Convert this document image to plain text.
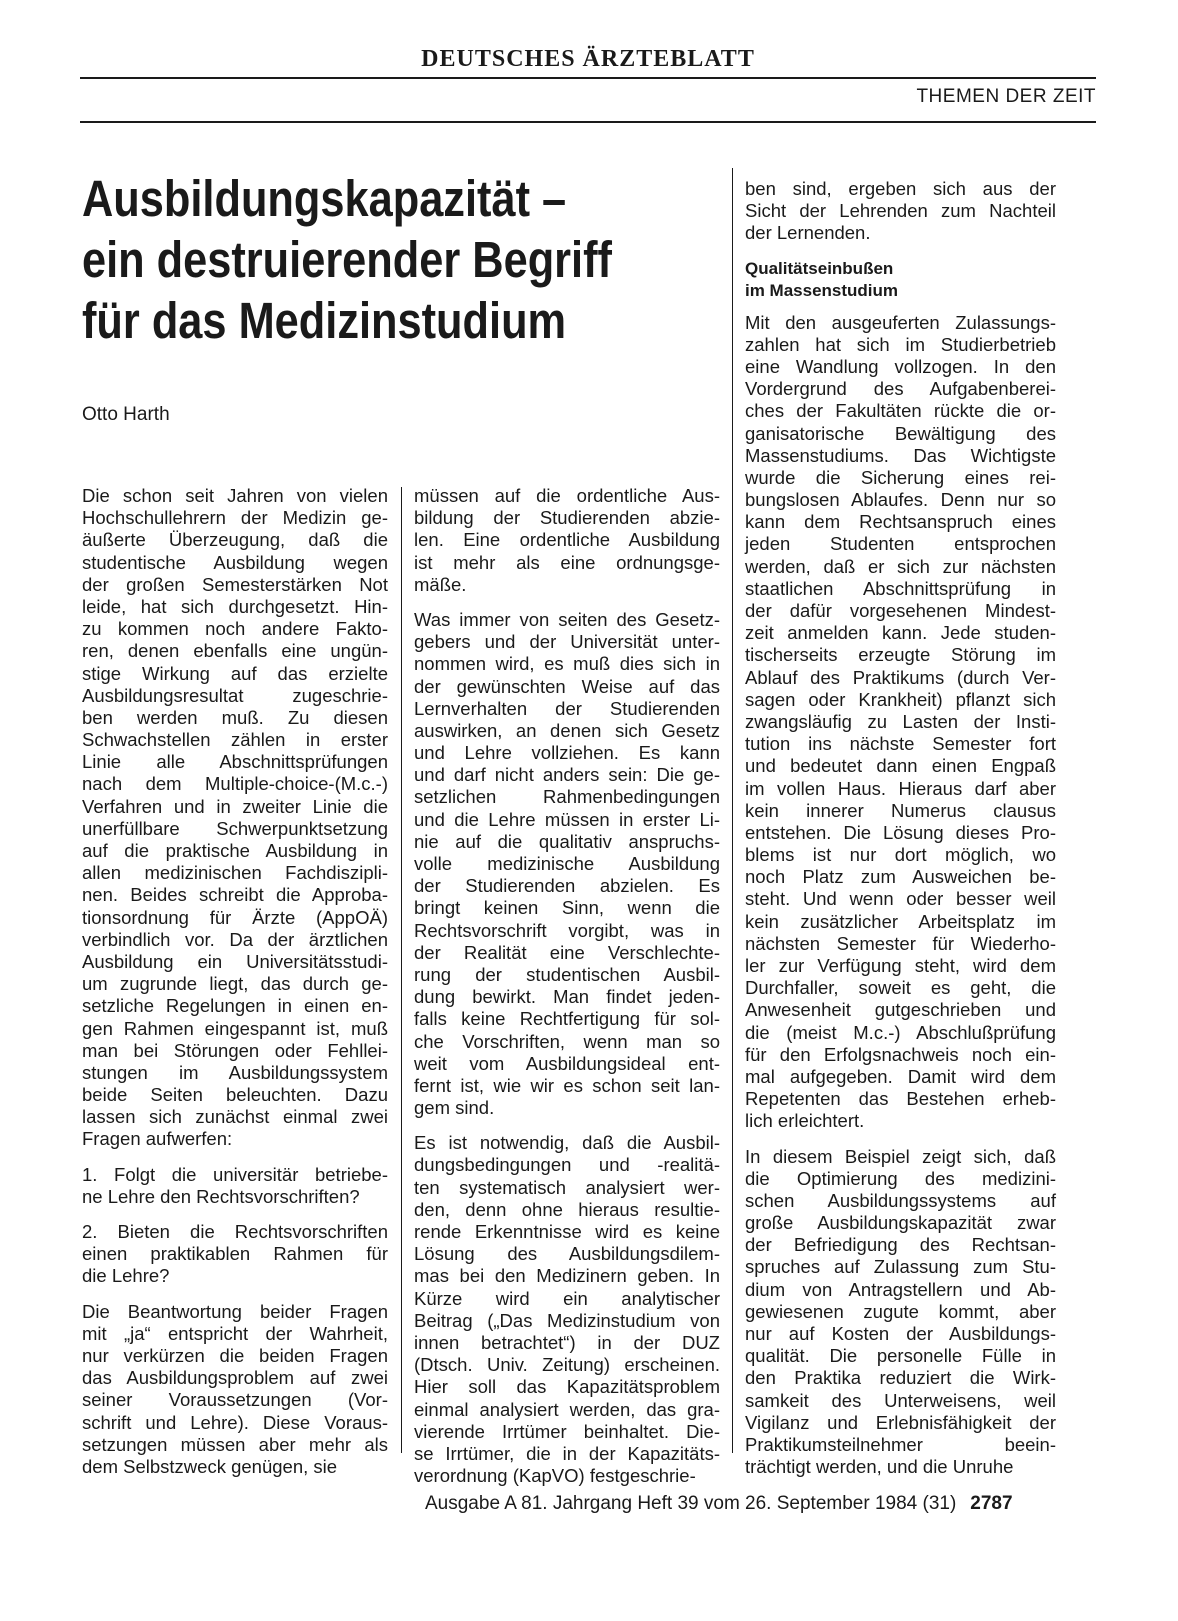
DEUTSCHES ÄRZTEBLATT
THEMEN DER ZEIT
Ausbildungskapazität –
ein destruierender Begriff
für das Medizinstudium
Otto Harth

Die schon seit Jahren von vielen
Hochschullehrern der Medizin ge-
äußerte Überzeugung, daß die
studentische Ausbildung wegen
der großen Semesterstärken Not
leide, hat sich durchgesetzt. Hin-
zu kommen noch andere Fakto-
ren, denen ebenfalls eine ungün-
stige Wirkung auf das erzielte
Ausbildungsresultat zugeschrie-
ben werden muß. Zu diesen
Schwachstellen zählen in erster
Linie alle Abschnittsprüfungen
nach dem Multiple-choice-(M.c.-)
Verfahren und in zweiter Linie die
unerfüllbare Schwerpunktsetzung
auf die praktische Ausbildung in
allen medizinischen Fachdiszipli-
nen. Beides schreibt die Approba-
tionsordnung für Ärzte (AppOÄ)
verbindlich vor. Da der ärztlichen
Ausbildung ein Universitätsstudi-
um zugrunde liegt, das durch ge-
setzliche Regelungen in einen en-
gen Rahmen eingespannt ist, muß
man bei Störungen oder Fehllei-
stungen im Ausbildungssystem
beide Seiten beleuchten. Dazu
lassen sich zunächst einmal zwei
Fragen aufwerfen:

1. Folgt die universitär betriebe-
ne Lehre den Rechtsvorschriften?

2. Bieten die Rechtsvorschriften
einen praktikablen Rahmen für
die Lehre?

Die Beantwortung beider Fragen
mit „ja“ entspricht der Wahrheit,
nur verkürzen die beiden Fragen
das Ausbildungsproblem auf zwei
seiner Voraussetzungen (Vor-
schrift und Lehre). Diese Voraus-
setzungen müssen aber mehr als
dem Selbstzweck genügen, sie

müssen auf die ordentliche Aus-
bildung der Studierenden abzie-
len. Eine ordentliche Ausbildung
ist mehr als eine ordnungsge-
mäße.

Was immer von seiten des Gesetz-
gebers und der Universität unter-
nommen wird, es muß dies sich in
der gewünschten Weise auf das
Lernverhalten der Studierenden
auswirken, an denen sich Gesetz
und Lehre vollziehen. Es kann
und darf nicht anders sein: Die ge-
setzlichen Rahmenbedingungen
und die Lehre müssen in erster Li-
nie auf die qualitativ anspruchs-
volle medizinische Ausbildung
der Studierenden abzielen. Es
bringt keinen Sinn, wenn die
Rechtsvorschrift vorgibt, was in
der Realität eine Verschlechte-
rung der studentischen Ausbil-
dung bewirkt. Man findet jeden-
falls keine Rechtfertigung für sol-
che Vorschriften, wenn man so
weit vom Ausbildungsideal ent-
fernt ist, wie wir es schon seit lan-
gem sind.

Es ist notwendig, daß die Ausbil-
dungsbedingungen und -realitä-
ten systematisch analysiert wer-
den, denn ohne hieraus resultie-
rende Erkenntnisse wird es keine
Lösung des Ausbildungsdilem-
mas bei den Medizinern geben. In
Kürze wird ein analytischer
Beitrag („Das Medizinstudium von
innen betrachtet“) in der DUZ
(Dtsch. Univ. Zeitung) erscheinen.
Hier soll das Kapazitätsproblem
einmal analysiert werden, das gra-
vierende Irrtümer beinhaltet. Die-
se Irrtümer, die in der Kapazitäts-
verordnung (KapVO) festgeschrie-

ben sind, ergeben sich aus der
Sicht der Lehrenden zum Nachteil
der Lernenden.

Qualitätseinbußen
im Massenstudium

Mit den ausgeuferten Zulassungs-
zahlen hat sich im Studierbetrieb
eine Wandlung vollzogen. In den
Vordergrund des Aufgabenberei-
ches der Fakultäten rückte die or-
ganisatorische Bewältigung des
Massenstudiums. Das Wichtigste
wurde die Sicherung eines rei-
bungslosen Ablaufes. Denn nur so
kann dem Rechtsanspruch eines
jeden Studenten entsprochen
werden, daß er sich zur nächsten
staatlichen Abschnittsprüfung in
der dafür vorgesehenen Mindest-
zeit anmelden kann. Jede studen-
tischerseits erzeugte Störung im
Ablauf des Praktikums (durch Ver-
sagen oder Krankheit) pflanzt sich
zwangsläufig zu Lasten der Insti-
tution ins nächste Semester fort
und bedeutet dann einen Engpaß
im vollen Haus. Hieraus darf aber
kein innerer Numerus clausus
entstehen. Die Lösung dieses Pro-
blems ist nur dort möglich, wo
noch Platz zum Ausweichen be-
steht. Und wenn oder besser weil
kein zusätzlicher Arbeitsplatz im
nächsten Semester für Wiederho-
ler zur Verfügung steht, wird dem
Durchfaller, soweit es geht, die
Anwesenheit gutgeschrieben und
die (meist M.c.-) Abschlußprüfung
für den Erfolgsnachweis noch ein-
mal aufgegeben. Damit wird dem
Repetenten das Bestehen erheb-
lich erleichtert.

In diesem Beispiel zeigt sich, daß
die Optimierung des medizini-
schen Ausbildungssystems auf
große Ausbildungskapazität zwar
der Befriedigung des Rechtsan-
spruches auf Zulassung zum Stu-
dium von Antragstellern und Ab-
gewiesenen zugute kommt, aber
nur auf Kosten der Ausbildungs-
qualität. Die personelle Fülle in
den Praktika reduziert die Wirk-
samkeit des Unterweisens, weil
Vigilanz und Erlebnisfähigkeit der
Praktikumsteilnehmer beein-
trächtigt werden, und die Unruhe

Ausgabe A 81. Jahrgang Heft 39 vom 26. September 1984 (31) 2787
